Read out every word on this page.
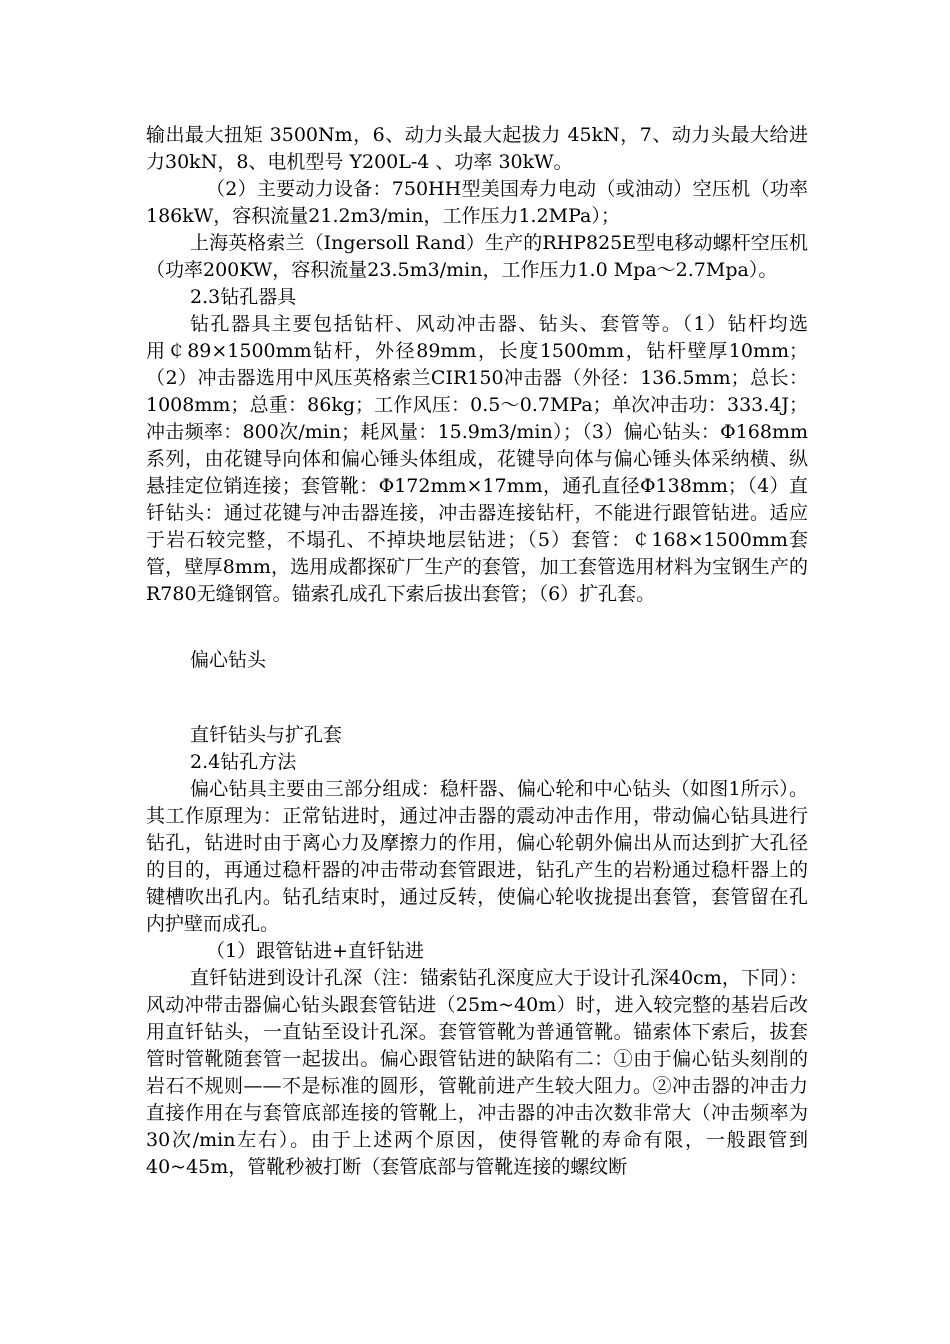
输出最大扭矩 3500Nm，6、动力头最大起拔力 45kN，7、动力头最大给进力30kN，8、电机型号 Y200L-4 、功率 30kW。

（2）主要动力设备：750HH型美国寿力电动（或油动）空压机（功率186kW，容积流量21.2m3/min，工作压力1.2MPa）；

上海英格索兰（Ingersoll Rand）生产的RHP825E型电移动螺杆空压机（功率200KW，容积流量23.5m3/min，工作压力1.0 Mpa～2.7Mpa）。

2.3钻孔器具

钻孔器具主要包括钻杆、风动冲击器、钻头、套管等。（1）钻杆均选用￠89×1500mm钻杆，外径89mm，长度1500mm，钻杆壁厚10mm；（2）冲击器选用中风压英格索兰CIR150冲击器（外径：136.5mm；总长：1008mm；总重：86kg；工作风压：0.5～0.7MPa；单次冲击功：333.4J；冲击频率：800次/min；耗风量：15.9m3/min）；（3）偏心钻头：Φ168mm系列，由花键导向体和偏心锤头体组成，花键导向体与偏心锤头体采纳横、纵悬挂定位销连接；套管靴：Φ172mm×17mm，通孔直径Φ138mm；（4）直钎钻头：通过花键与冲击器连接，冲击器连接钻杆，不能进行跟管钻进。适应于岩石较完整，不塌孔、不掉块地层钻进；（5）套管：￠168×1500mm套管，壁厚8mm，选用成都探矿厂生产的套管，加工套管选用材料为宝钢生产的R780无缝钢管。锚索孔成孔下索后拔出套管；（6）扩孔套。

偏心钻头

直钎钻头与扩孔套

2.4钻孔方法

偏心钻具主要由三部分组成：稳杆器、偏心轮和中心钻头（如图1所示）。其工作原理为：正常钻进时，通过冲击器的震动冲击作用，带动偏心钻具进行钻孔，钻进时由于离心力及摩擦力的作用，偏心轮朝外偏出从而达到扩大孔径的目的，再通过稳杆器的冲击带动套管跟进，钻孔产生的岩粉通过稳杆器上的键槽吹出孔内。钻孔结束时，通过反转，使偏心轮收拢提出套管，套管留在孔内护壁而成孔。

（1）跟管钻进+直钎钻进

直钎钻进到设计孔深（注：锚索钻孔深度应大于设计孔深40cm，下同）：风动冲带击器偏心钻头跟套管钻进（25m~40m）时，进入较完整的基岩后改用直钎钻头，一直钻至设计孔深。套管管靴为普通管靴。锚索体下索后，拔套管时管靴随套管一起拔出。偏心跟管钻进的缺陷有二：①由于偏心钻头刻削的岩石不规则——不是标准的圆形，管靴前进产生较大阻力。②冲击器的冲击力直接作用在与套管底部连接的管靴上，冲击器的冲击次数非常大（冲击频率为30次/min左右）。由于上述两个原因，使得管靴的寿命有限，一般跟管到40~45m，管靴秒被打断（套管底部与管靴连接的螺纹断
